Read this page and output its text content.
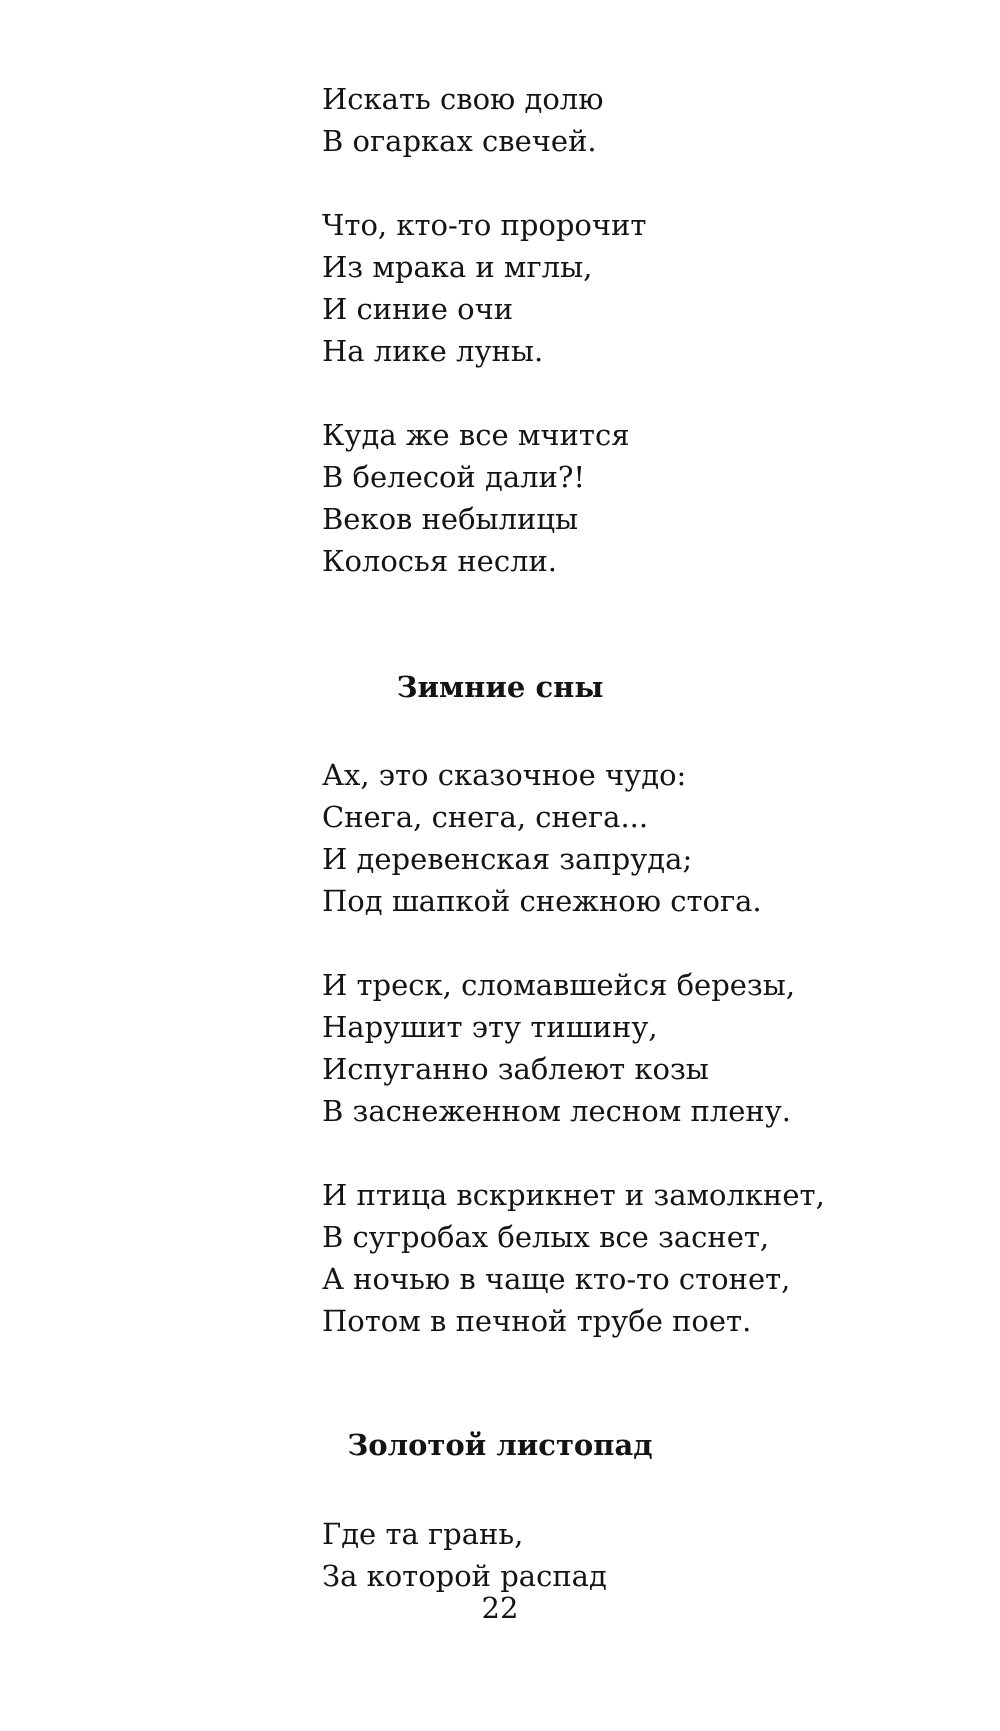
Искать свою долю
В огарках свечей.
Что, кто-то пророчит
Из мрака и мглы,
И синие очи
На лике луны.
Куда же все мчится
В белесой дали?!
Веков небылицы
Колосья несли.
Зимние сны
Ах, это сказочное чудо:
Снега, снега, снега...
И деревенская запруда;
Под шапкой снежною стога.
И треск, сломавшейся березы,
Нарушит эту тишину,
Испуганно заблеют козы
В заснеженном лесном плену.
И птица вскрикнет и замолкнет,
В сугробах белых все заснет,
А ночью в чаще кто-то стонет,
Потом в печной трубе поет.
Золотой листопад
Где та грань,
За которой распад
22
